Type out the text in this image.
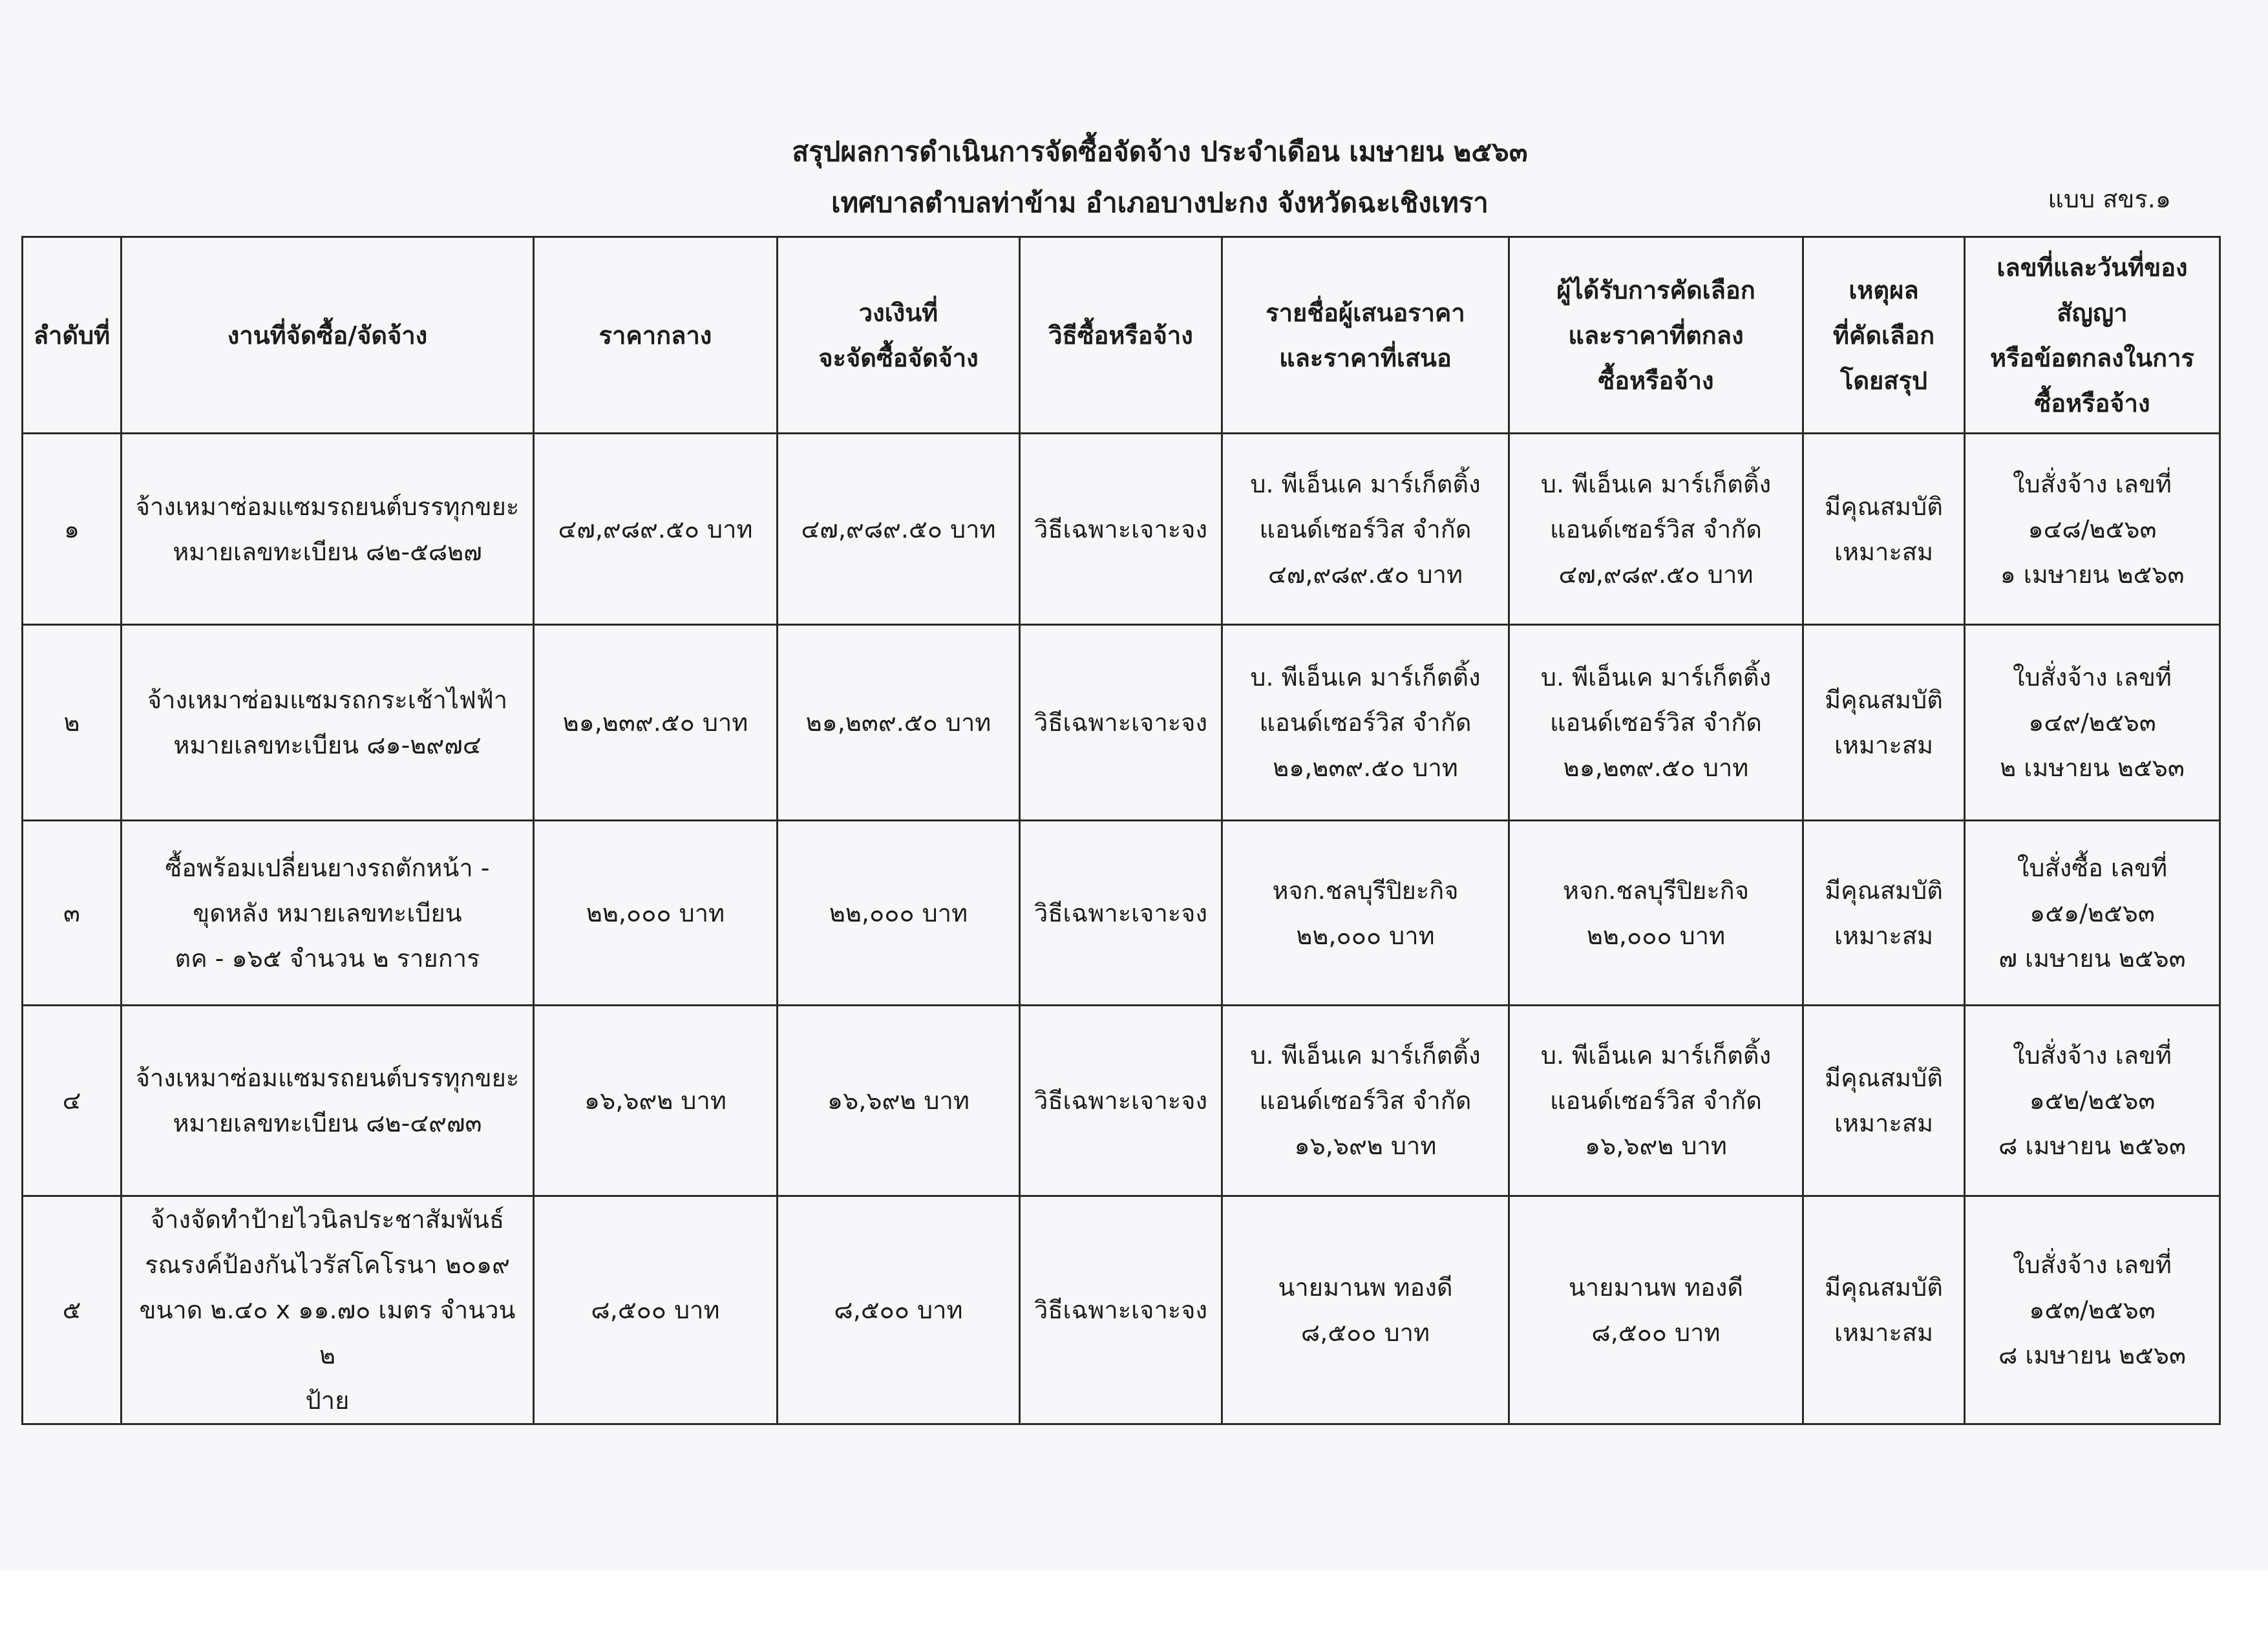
สรุปผลการดำเนินการจัดซื้อจัดจ้าง ประจำเดือน เมษายน ๒๕๖๓
เทศบาลตำบลท่าข้าม อำเภอบางปะกง จังหวัดฉะเชิงเทรา	แบบ สขร.๑
ลำดับที่	งานที่จัดซื้อ/จัดจ้าง	ราคากลาง	วงเงินที่
จะจัดซื้อจัดจ้าง	วิธีซื้อหรือจ้าง	รายชื่อผู้เสนอราคา
และราคาที่เสนอ	ผู้ได้รับการคัดเลือก
และราคาที่ตกลง
ซื้อหรือจ้าง	เหตุผล
ที่คัดเลือก
โดยสรุป	เลขที่และวันที่ของ
สัญญา
หรือข้อตกลงในการ
ซื้อหรือจ้าง
๑	จ้างเหมาซ่อมแซมรถยนต์บรรทุกขยะ
หมายเลขทะเบียน ๘๒-๕๘๒๗	๔๗,๙๘๙.๕๐ บาท	๔๗,๙๘๙.๕๐ บาท	วิธีเฉพาะเจาะจง	บ. พีเอ็นเค มาร์เก็ตติ้ง
แอนด์เซอร์วิส จำกัด
๔๗,๙๘๙.๕๐ บาท	บ. พีเอ็นเค มาร์เก็ตติ้ง
แอนด์เซอร์วิส จำกัด
๔๗,๙๘๙.๕๐ บาท	มีคุณสมบัติ
เหมาะสม	ใบสั่งจ้าง เลขที่
๑๔๘/๒๕๖๓
๑ เมษายน ๒๕๖๓
๒	จ้างเหมาซ่อมแซมรถกระเช้าไฟฟ้า
หมายเลขทะเบียน ๘๑-๒๙๗๔	๒๑,๒๓๙.๕๐ บาท	๒๑,๒๓๙.๕๐ บาท	วิธีเฉพาะเจาะจง	บ. พีเอ็นเค มาร์เก็ตติ้ง
แอนด์เซอร์วิส จำกัด
๒๑,๒๓๙.๕๐ บาท	บ. พีเอ็นเค มาร์เก็ตติ้ง
แอนด์เซอร์วิส จำกัด
๒๑,๒๓๙.๕๐ บาท	มีคุณสมบัติ
เหมาะสม	ใบสั่งจ้าง เลขที่
๑๔๙/๒๕๖๓
๒ เมษายน ๒๕๖๓
๓	ซื้อพร้อมเปลี่ยนยางรถตักหน้า -
ขุดหลัง หมายเลขทะเบียน
ตค - ๑๖๕ จำนวน ๒ รายการ	๒๒,๐๐๐ บาท	๒๒,๐๐๐ บาท	วิธีเฉพาะเจาะจง	หจก.ชลบุรีปิยะกิจ
๒๒,๐๐๐ บาท	หจก.ชลบุรีปิยะกิจ
๒๒,๐๐๐ บาท	มีคุณสมบัติ
เหมาะสม	ใบสั่งซื้อ เลขที่
๑๕๑/๒๕๖๓
๗ เมษายน ๒๕๖๓
๔	จ้างเหมาซ่อมแซมรถยนต์บรรทุกขยะ
หมายเลขทะเบียน ๘๒-๔๙๗๓	๑๖,๖๙๒ บาท	๑๖,๖๙๒ บาท	วิธีเฉพาะเจาะจง	บ. พีเอ็นเค มาร์เก็ตติ้ง
แอนด์เซอร์วิส จำกัด
๑๖,๖๙๒ บาท	บ. พีเอ็นเค มาร์เก็ตติ้ง
แอนด์เซอร์วิส จำกัด
๑๖,๖๙๒ บาท	มีคุณสมบัติ
เหมาะสม	ใบสั่งจ้าง เลขที่
๑๕๒/๒๕๖๓
๘ เมษายน ๒๕๖๓
๕	จ้างจัดทำป้ายไวนิลประชาสัมพันธ์
รณรงค์ป้องกันไวรัสโคโรนา ๒๐๑๙
ขนาด ๒.๔๐ x ๑๑.๗๐ เมตร จำนวน ๒
ป้าย	๘,๕๐๐ บาท	๘,๕๐๐ บาท	วิธีเฉพาะเจาะจง	นายมานพ ทองดี
๘,๕๐๐ บาท	นายมานพ ทองดี
๘,๕๐๐ บาท	มีคุณสมบัติ
เหมาะสม	ใบสั่งจ้าง เลขที่
๑๕๓/๒๕๖๓
๘ เมษายน ๒๕๖๓
